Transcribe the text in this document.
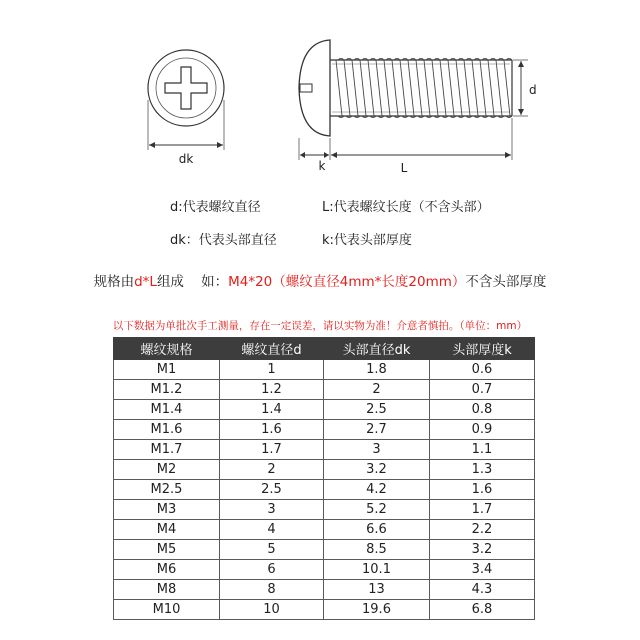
dk
d
k	L
d:代表螺纹直径	L:代表螺纹长度（不含头部）
dk：代表头部直径	k:代表头部厚度
规格由d*L组成    如：M4*20（螺纹直径4mm*长度20mm）不含头部厚度
以下数据为单批次手工测量，存在一定误差，请以实物为准！介意者慎拍。（单位：mm）
螺纹规格	螺纹直径d	头部直径dk	头部厚度k
M1	1	1.8	0.6
M1.2	1.2	2	0.7
M1.4	1.4	2.5	0.8
M1.6	1.6	2.7	0.9
M1.7	1.7	3	1.1
M2	2	3.2	1.3
M2.5	2.5	4.2	1.6
M3	3	5.2	1.7
M4	4	6.6	2.2
M5	5	8.5	3.2
M6	6	10.1	3.4
M8	8	13	4.3
M10	10	19.6	6.8
